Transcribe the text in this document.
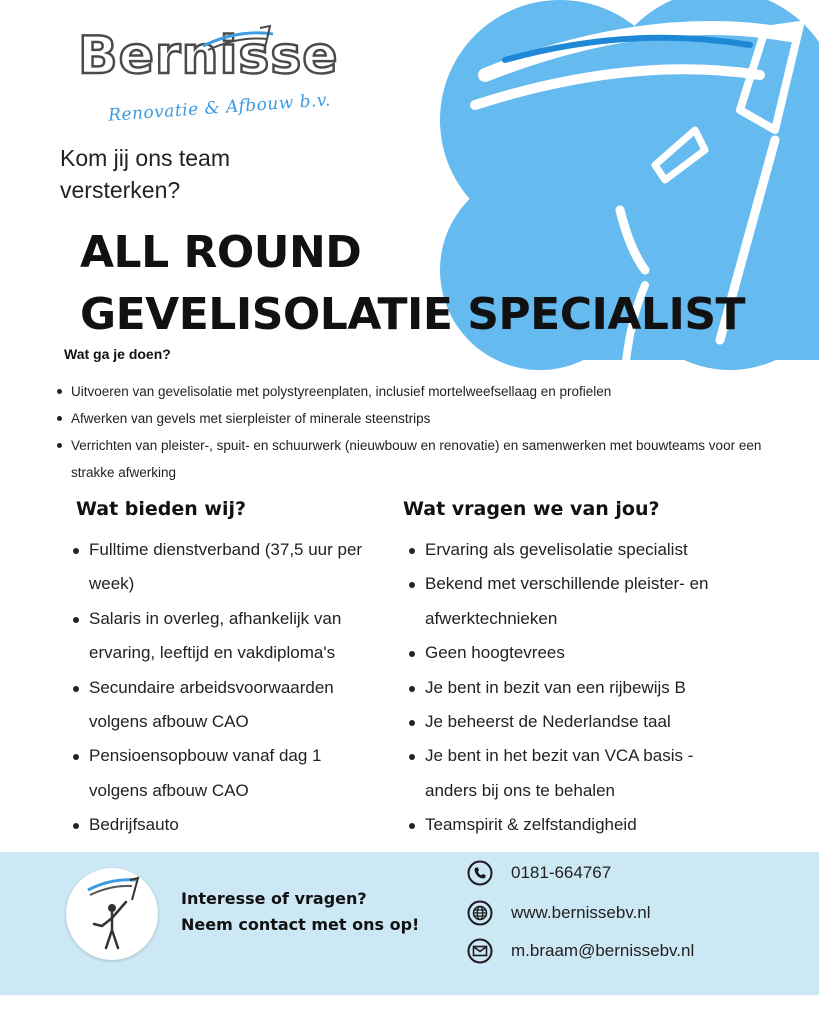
Bernisse
Renovatie & Afbouw b.v.
Kom jij ons team versterken?
ALL ROUND
GEVELISOLATIE SPECIALIST
Wat ga je doen?
Uitvoeren van gevelisolatie met polystyreenplaten, inclusief mortelweefsellaag en profielen
Afwerken van gevels met sierpleister of minerale steenstrips
Verrichten van pleister-, spuit- en schuurwerk (nieuwbouw en renovatie) en samenwerken met bouwteams voor een strakke afwerking
Wat bieden wij?
Fulltime dienstverband (37,5 uur per week)
Salaris in overleg, afhankelijk van ervaring, leeftijd en vakdiploma's
Secundaire arbeidsvoorwaarden volgens afbouw CAO
Pensioensopbouw vanaf dag 1 volgens afbouw CAO
Bedrijfsauto
Wat vragen we van jou?
Ervaring als gevelisolatie specialist
Bekend met verschillende pleister- en afwerktechnieken
Geen hoogtevrees
Je bent in bezit van een rijbewijs B
Je beheerst de Nederlandse taal
Je bent in het bezit van VCA basis - anders bij ons te behalen
Teamspirit & zelfstandigheid
Interesse of vragen?
Neem contact met ons op!
0181-664767
www.bernissebv.nl
m.braam@bernissebv.nl
